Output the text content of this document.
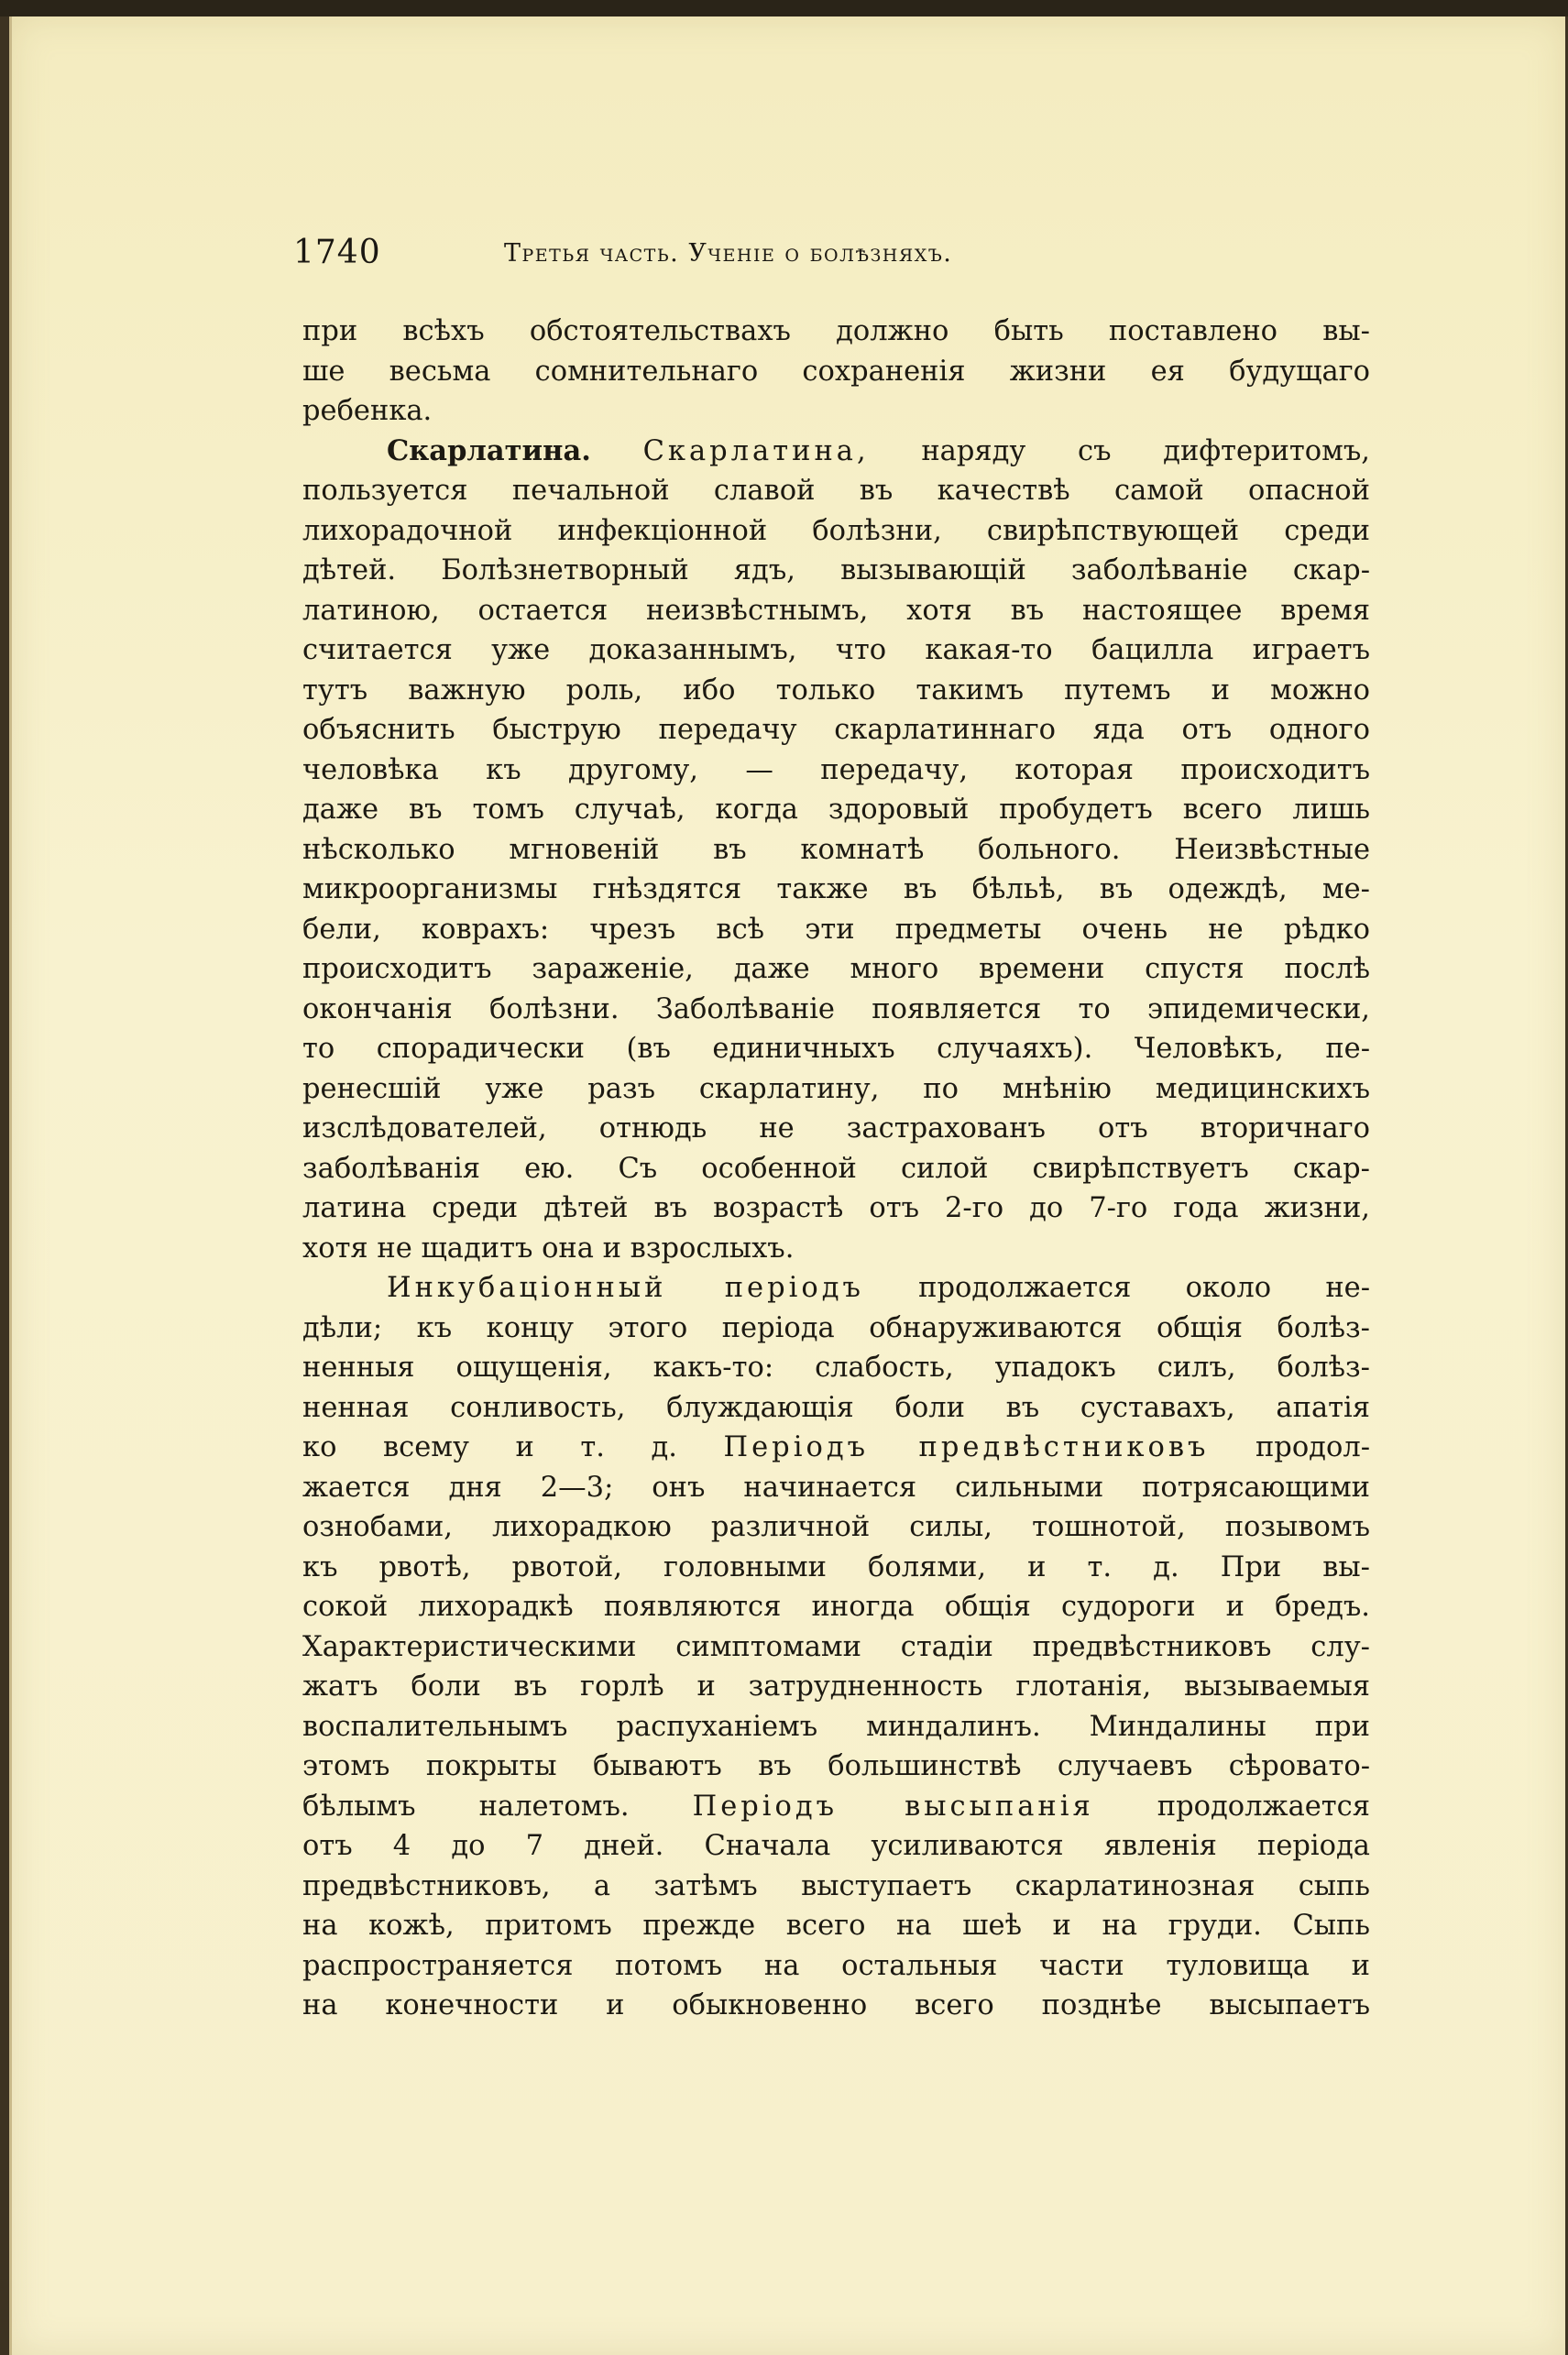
1740	Третья часть. Ученіе о болѣзняхъ.
при всѣхъ обстоятельствахъ должно быть поставлено вы-
ше весьма сомнительнаго сохраненія жизни ея будущаго
ребенка.
Скарлатина. Скарлатина, наряду съ дифтеритомъ,
пользуется печальной славой въ качествѣ самой опасной
лихорадочной инфекціонной болѣзни, свирѣпствующей среди
дѣтей. Болѣзнетворный ядъ, вызывающій заболѣваніе скар-
латиною, остается неизвѣстнымъ, хотя въ настоящее время
считается уже доказаннымъ, что какая-то бацилла играетъ
тутъ важную роль, ибо только такимъ путемъ и можно
объяснить быструю передачу скарлатиннаго яда отъ одного
человѣка къ другому, — передачу, которая происходитъ
даже въ томъ случаѣ, когда здоровый пробудетъ всего лишь
нѣсколько мгновеній въ комнатѣ больного. Неизвѣстные
микроорганизмы гнѣздятся также въ бѣльѣ, въ одеждѣ, ме-
бели, коврахъ: чрезъ всѣ эти предметы очень не рѣдко
происходитъ зараженіе, даже много времени спустя послѣ
окончанія болѣзни. Заболѣваніе появляется то эпидемически,
то спорадически (въ единичныхъ случаяхъ). Человѣкъ, пе-
ренесшій уже разъ скарлатину, по мнѣнію медицинскихъ
изслѣдователей, отнюдь не застрахованъ отъ вторичнаго
заболѣванія ею. Съ особенной силой свирѣпствуетъ скар-
латина среди дѣтей въ возрастѣ отъ 2-го до 7-го года жизни,
хотя не щадитъ она и взрослыхъ.
Инкубаціонный періодъ продолжается около не-
дѣли; къ концу этого періода обнаруживаются общія болѣз-
ненныя ощущенія, какъ-то: слабость, упадокъ силъ, болѣз-
ненная сонливость, блуждающія боли въ суставахъ, апатія
ко всему и т. д. Періодъ предвѣстниковъ продол-
жается дня 2—3; онъ начинается сильными потрясающими
ознобами, лихорадкою различной силы, тошнотой, позывомъ
къ рвотѣ, рвотой, головными болями, и т. д. При вы-
сокой лихорадкѣ появляются иногда общія судороги и бредъ.
Характеристическими симптомами стадіи предвѣстниковъ слу-
жатъ боли въ горлѣ и затрудненность глотанія, вызываемыя
воспалительнымъ распуханіемъ миндалинъ. Миндалины при
этомъ покрыты бываютъ въ большинствѣ случаевъ сѣровато-
бѣлымъ налетомъ. Періодъ высыпанія продолжается
отъ 4 до 7 дней. Сначала усиливаются явленія періода
предвѣстниковъ, а затѣмъ выступаетъ скарлатинозная сыпь
на кожѣ, притомъ прежде всего на шеѣ и на груди. Сыпь
распространяется потомъ на остальныя части туловища и
на конечности и обыкновенно всего позднѣе высыпаетъ
